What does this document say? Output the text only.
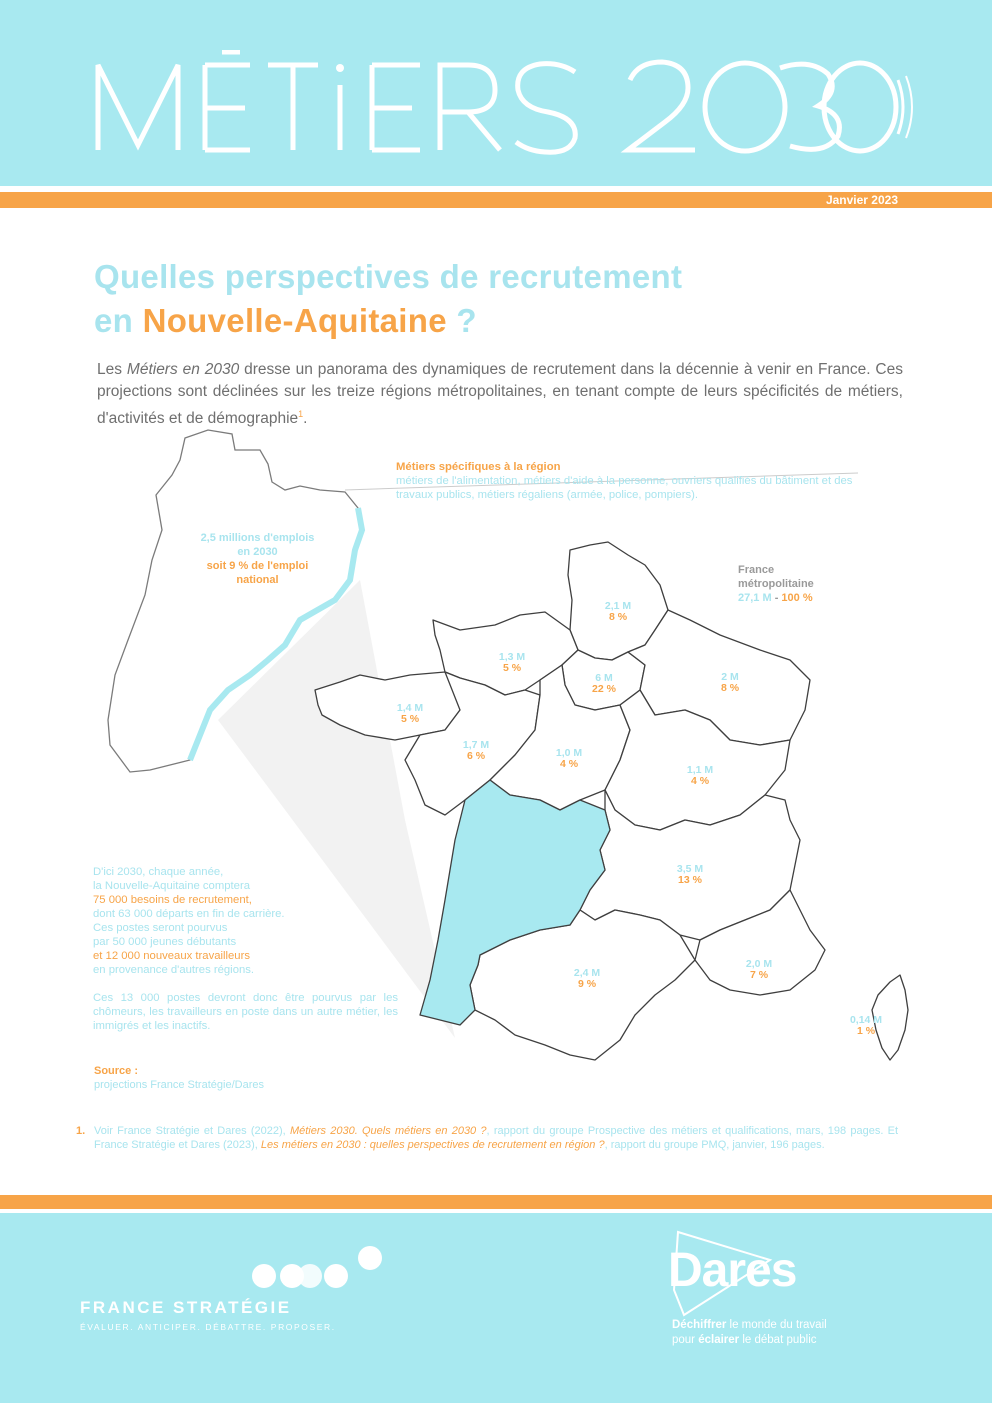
Janvier 2023
Quelles perspectives de recrutement
en Nouvelle-Aquitaine ?
Les Métiers en 2030 dresse un panorama des dynamiques de recrutement dans la décennie à venir en France. Ces projections sont déclinées sur les treize régions métropolitaines, en tenant compte de leurs spécificités de métiers, d'activités et de démographie$^1$.
2,1 M
8 %
1,3 M
5 %
6 M
22 %
2 M
8 %
1,4 M
5 %
1,7 M
6 %	1,0 M
4 %	1,1 M
4 %
3,5 M
13 %
2,4 M
9 %
2,0 M
7 %
0,14 M
1 %
Métiers spécifiques à la région
métiers de l'alimentation, métiers d'aide à la personne, ouvriers qualifiés du bâtiment et des travaux publics, métiers régaliens (armée, police, pompiers).
2,5 millions d'emplois
en 2030
soit 9 % de l'emploi
national
France
métropolitaine
27,1 M - 100 %
D'ici 2030, chaque année,
la Nouvelle-Aquitaine comptera
75 000 besoins de recrutement,
dont 63 000 départs en fin de carrière.
Ces postes seront pourvus
par 50 000 jeunes débutants
et 12 000 nouveaux travailleurs
en provenance d'autres régions.
Ces 13 000 postes devront donc être pourvus par les chômeurs, les travailleurs en poste dans un autre métier, les immigrés et les inactifs.
Source :
projections France Stratégie/Dares
1. Voir France Stratégie et Dares (2022), Métiers 2030. Quels métiers en 2030 ?, rapport du groupe Prospective des métiers et qualifications, mars, 198 pages. Et France Stratégie et Dares (2023), Les métiers en 2030 : quelles perspectives de recrutement en région ?, rapport du groupe PMQ, janvier, 196 pages.
FRANCE STRATÉGIE
ÉVALUER. ANTICIPER. DÉBATTRE. PROPOSER.
Dares
Déchiffrer le monde du travail
pour éclairer le débat public
